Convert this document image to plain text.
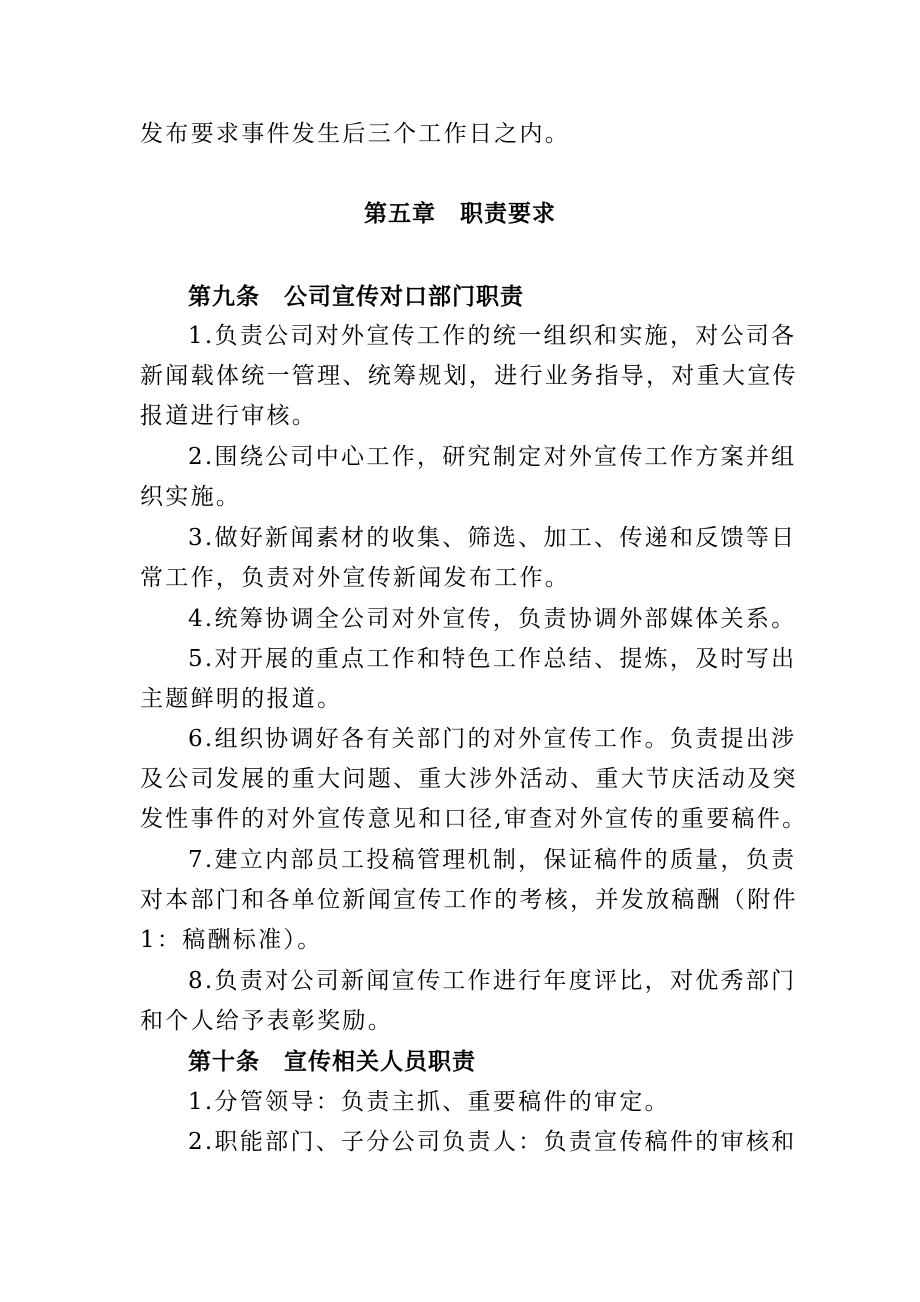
发布要求事件发生后三个工作日之内。
第五章　职责要求
第九条　公司宣传对口部门职责
1.负责公司对外宣传工作的统一组织和实施，对公司各
新闻载体统一管理、统筹规划，进行业务指导，对重大宣传
报道进行审核。
2.围绕公司中心工作，研究制定对外宣传工作方案并组
织实施。
3.做好新闻素材的收集、筛选、加工、传递和反馈等日
常工作，负责对外宣传新闻发布工作。
4.统筹协调全公司对外宣传，负责协调外部媒体关系。
5.对开展的重点工作和特色工作总结、提炼，及时写出
主题鲜明的报道。
6.组织协调好各有关部门的对外宣传工作。负责提出涉
及公司发展的重大问题、重大涉外活动、重大节庆活动及突
发性事件的对外宣传意见和口径,审查对外宣传的重要稿件。
7.建立内部员工投稿管理机制，保证稿件的质量，负责
对本部门和各单位新闻宣传工作的考核，并发放稿酬（附件
1：稿酬标准）。
8.负责对公司新闻宣传工作进行年度评比，对优秀部门
和个人给予表彰奖励。
第十条　宣传相关人员职责
1.分管领导：负责主抓、重要稿件的审定。
2.职能部门、子分公司负责人：负责宣传稿件的审核和
